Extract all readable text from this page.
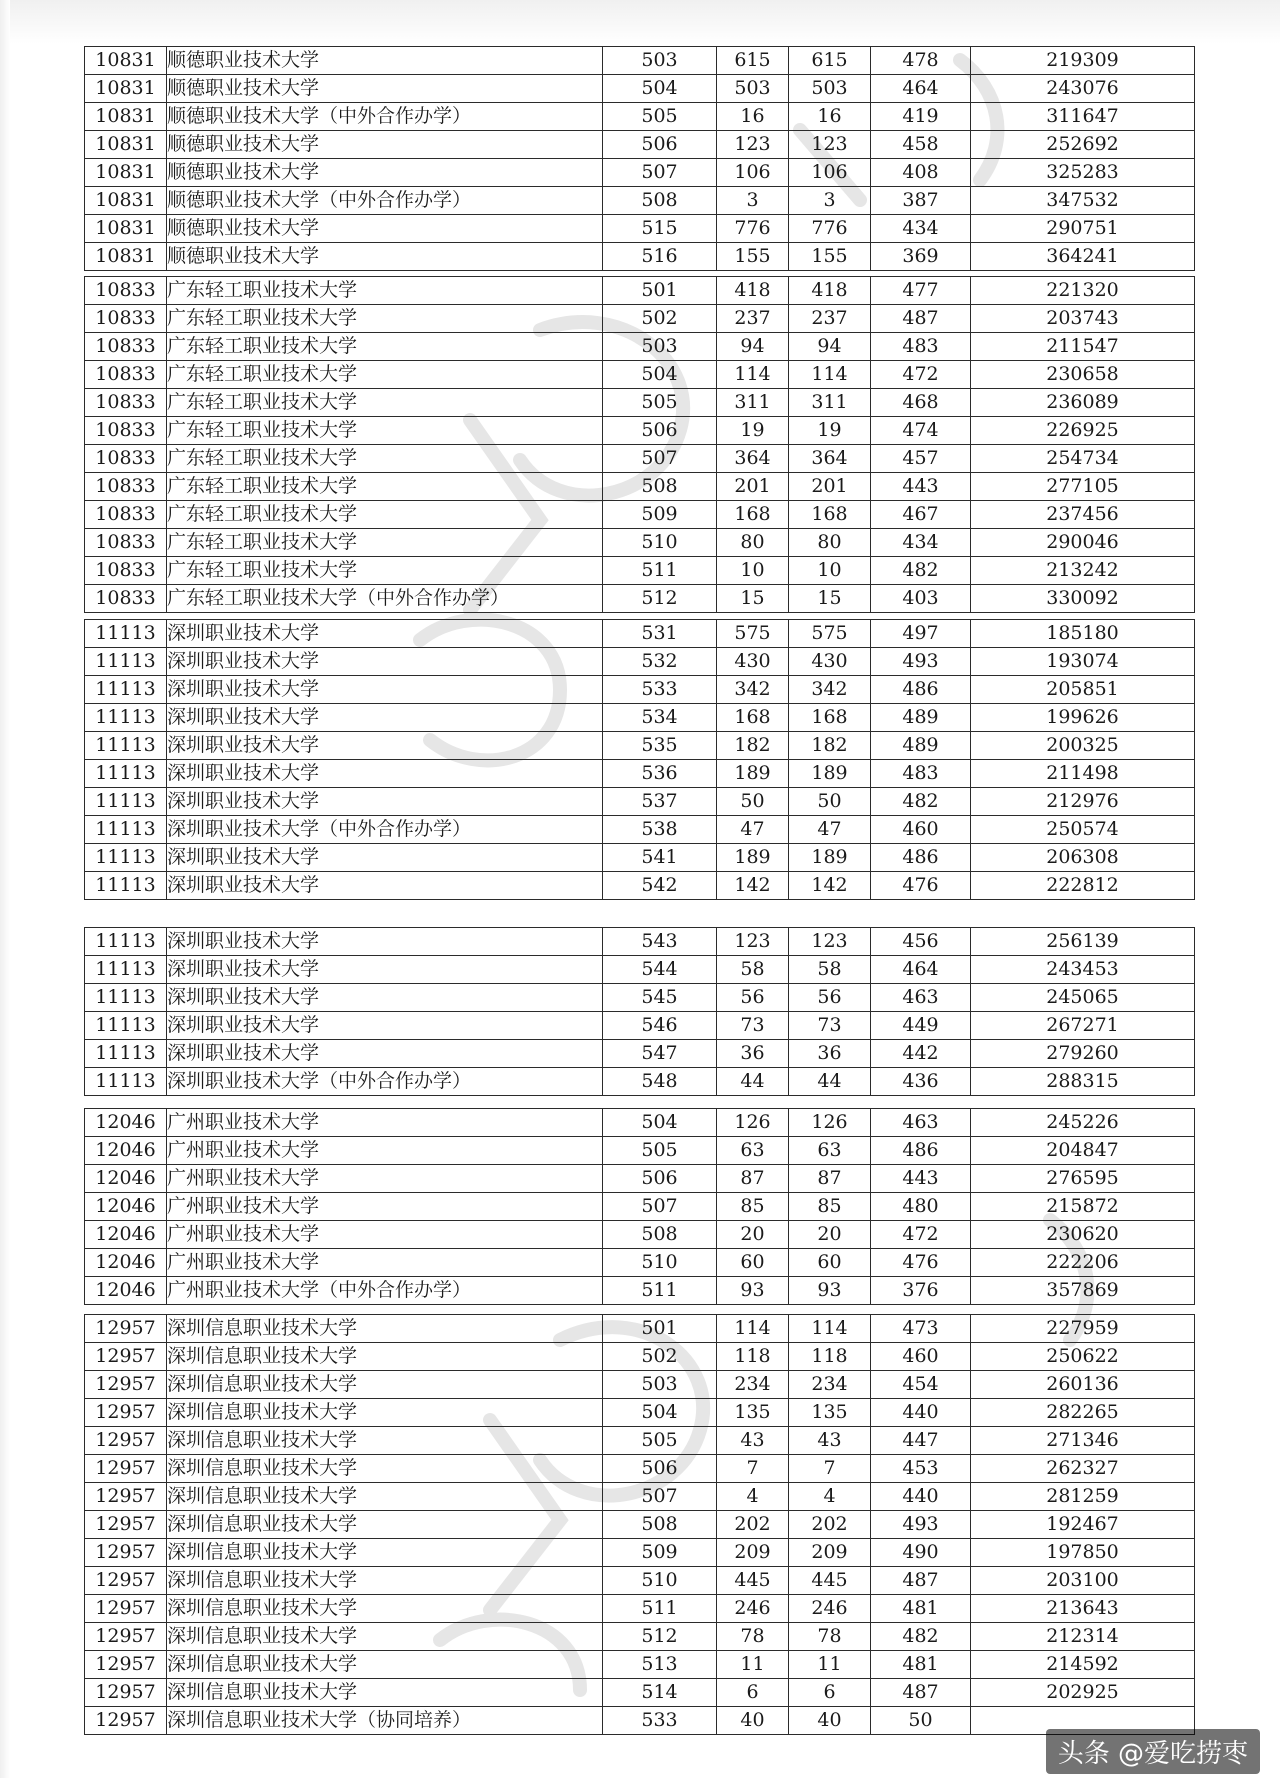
10831	顺德职业技术大学	503	615	615	478	219309
10831	顺德职业技术大学	504	503	503	464	243076
10831	顺德职业技术大学（中外合作办学）	505	16	16	419	311647
10831	顺德职业技术大学	506	123	123	458	252692
10831	顺德职业技术大学	507	106	106	408	325283
10831	顺德职业技术大学（中外合作办学）	508	3	3	387	347532
10831	顺德职业技术大学	515	776	776	434	290751
10831	顺德职业技术大学	516	155	155	369	364241
10833	广东轻工职业技术大学	501	418	418	477	221320
10833	广东轻工职业技术大学	502	237	237	487	203743
10833	广东轻工职业技术大学	503	94	94	483	211547
10833	广东轻工职业技术大学	504	114	114	472	230658
10833	广东轻工职业技术大学	505	311	311	468	236089
10833	广东轻工职业技术大学	506	19	19	474	226925
10833	广东轻工职业技术大学	507	364	364	457	254734
10833	广东轻工职业技术大学	508	201	201	443	277105
10833	广东轻工职业技术大学	509	168	168	467	237456
10833	广东轻工职业技术大学	510	80	80	434	290046
10833	广东轻工职业技术大学	511	10	10	482	213242
10833	广东轻工职业技术大学（中外合作办学）	512	15	15	403	330092
11113	深圳职业技术大学	531	575	575	497	185180
11113	深圳职业技术大学	532	430	430	493	193074
11113	深圳职业技术大学	533	342	342	486	205851
11113	深圳职业技术大学	534	168	168	489	199626
11113	深圳职业技术大学	535	182	182	489	200325
11113	深圳职业技术大学	536	189	189	483	211498
11113	深圳职业技术大学	537	50	50	482	212976
11113	深圳职业技术大学（中外合作办学）	538	47	47	460	250574
11113	深圳职业技术大学	541	189	189	486	206308
11113	深圳职业技术大学	542	142	142	476	222812
11113	深圳职业技术大学	543	123	123	456	256139
11113	深圳职业技术大学	544	58	58	464	243453
11113	深圳职业技术大学	545	56	56	463	245065
11113	深圳职业技术大学	546	73	73	449	267271
11113	深圳职业技术大学	547	36	36	442	279260
11113	深圳职业技术大学（中外合作办学）	548	44	44	436	288315
12046	广州职业技术大学	504	126	126	463	245226
12046	广州职业技术大学	505	63	63	486	204847
12046	广州职业技术大学	506	87	87	443	276595
12046	广州职业技术大学	507	85	85	480	215872
12046	广州职业技术大学	508	20	20	472	230620
12046	广州职业技术大学	510	60	60	476	222206
12046	广州职业技术大学（中外合作办学）	511	93	93	376	357869
12957	深圳信息职业技术大学	501	114	114	473	227959
12957	深圳信息职业技术大学	502	118	118	460	250622
12957	深圳信息职业技术大学	503	234	234	454	260136
12957	深圳信息职业技术大学	504	135	135	440	282265
12957	深圳信息职业技术大学	505	43	43	447	271346
12957	深圳信息职业技术大学	506	7	7	453	262327
12957	深圳信息职业技术大学	507	4	4	440	281259
12957	深圳信息职业技术大学	508	202	202	493	192467
12957	深圳信息职业技术大学	509	209	209	490	197850
12957	深圳信息职业技术大学	510	445	445	487	203100
12957	深圳信息职业技术大学	511	246	246	481	213643
12957	深圳信息职业技术大学	512	78	78	482	212314
12957	深圳信息职业技术大学	513	11	11	481	214592
12957	深圳信息职业技术大学	514	6	6	487	202925
12957	深圳信息职业技术大学（协同培养）	533	40	40	50	　
头条 @爱吃捞枣
